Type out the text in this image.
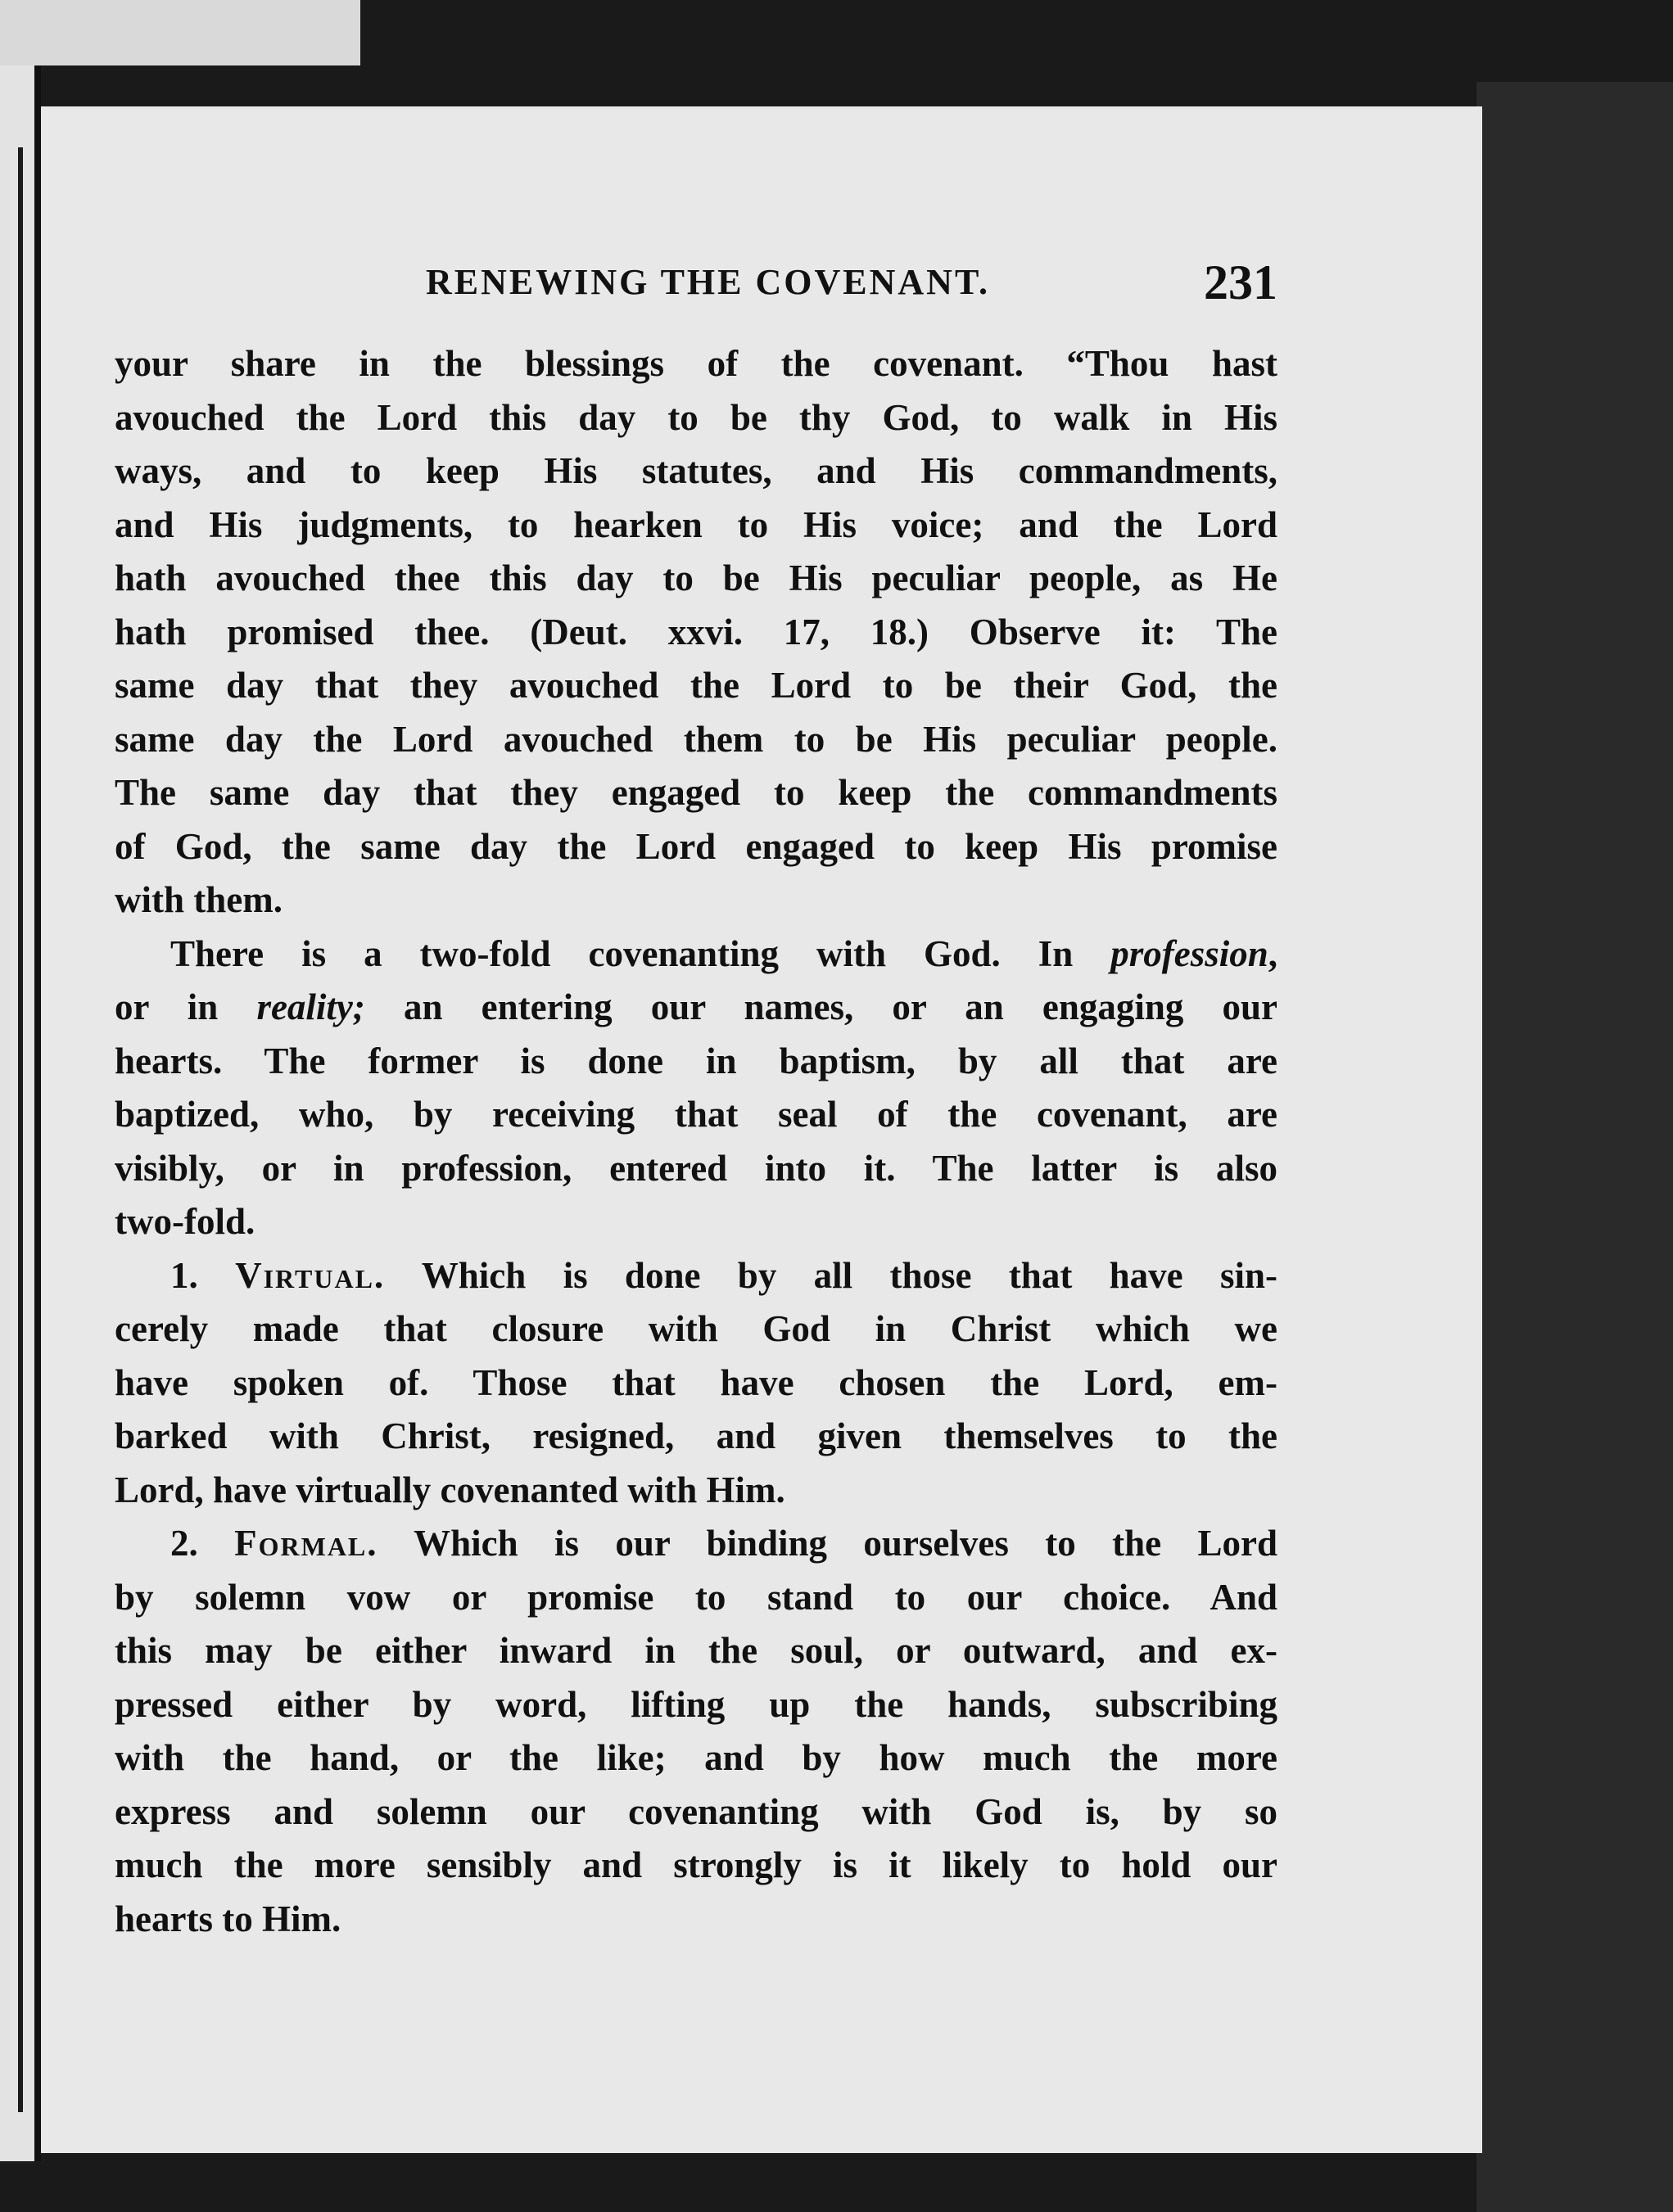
RENEWING THE COVENANT.	231
your share in the blessings of the covenant. “Thou hast
avouched the Lord this day to be thy God, to walk in His
ways, and to keep His statutes, and His commandments,
and His judgments, to hearken to His voice; and the Lord
hath avouched thee this day to be His peculiar people, as He
hath promised thee. (Deut. xxvi. 17, 18.) Observe it: The
same day that they avouched the Lord to be their God, the
same day the Lord avouched them to be His peculiar people.
The same day that they engaged to keep the commandments
of God, the same day the Lord engaged to keep His promise
with them.
There is a two-fold covenanting with God. In profession,
or in reality; an entering our names, or an engaging our
hearts. The former is done in baptism, by all that are
baptized, who, by receiving that seal of the covenant, are
visibly, or in profession, entered into it. The latter is also
two-fold.
1. Virtual. Which is done by all those that have sin-
cerely made that closure with God in Christ which we
have spoken of. Those that have chosen the Lord, em-
barked with Christ, resigned, and given themselves to the
Lord, have virtually covenanted with Him.
2. Formal. Which is our binding ourselves to the Lord
by solemn vow or promise to stand to our choice. And
this may be either inward in the soul, or outward, and ex-
pressed either by word, lifting up the hands, subscribing
with the hand, or the like; and by how much the more
express and solemn our covenanting with God is, by so
much the more sensibly and strongly is it likely to hold our
hearts to Him.
